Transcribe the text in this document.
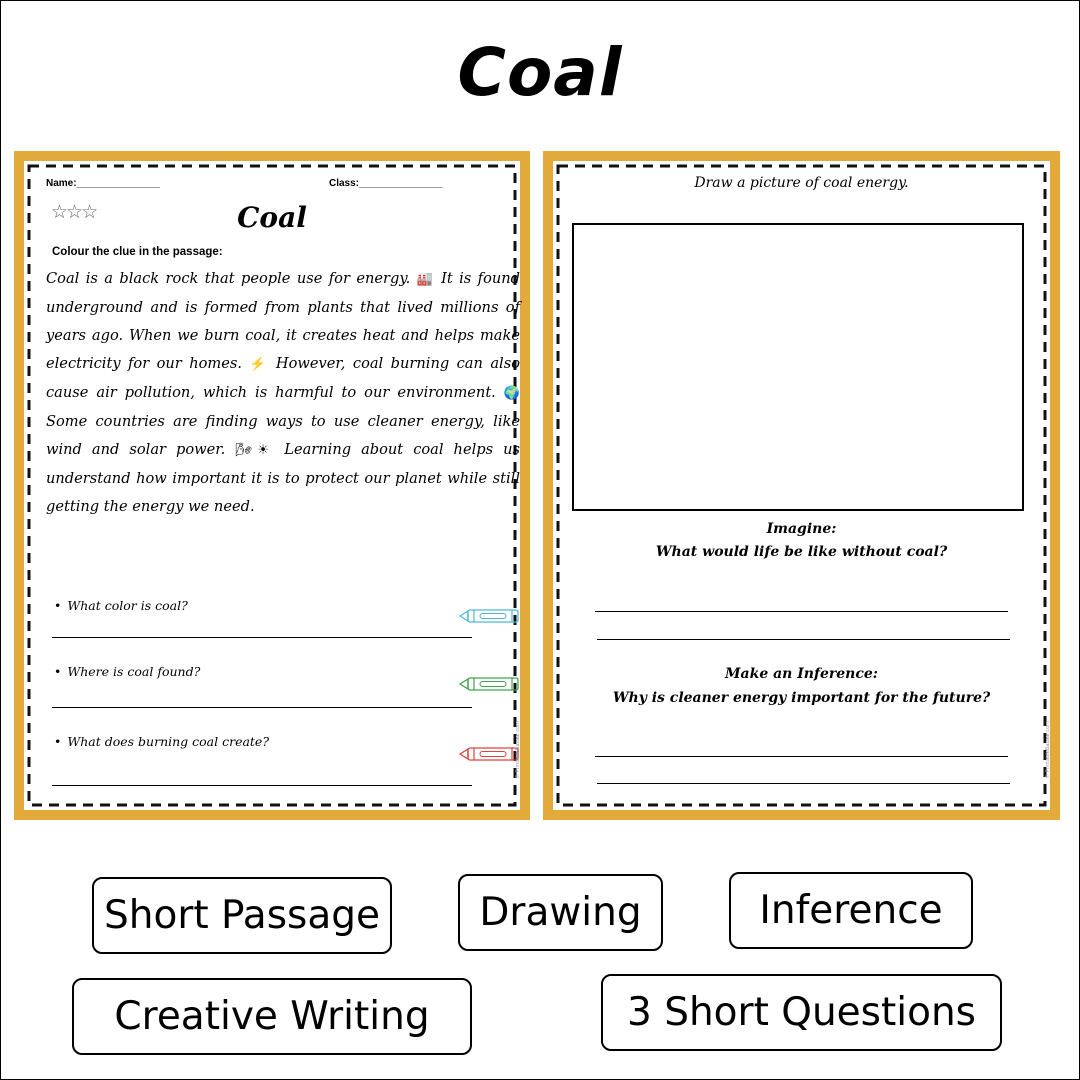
Coal
Name:_______________	Class:_______________
☆☆☆	Coal
Colour the clue in the passage:
Coal is a black rock that people use for energy. 🏭 It is found underground and is formed from plants that lived millions of years ago. When we burn coal, it creates heat and helps make electricity for our homes. ⚡ However, coal burning can also cause air pollution, which is harmful to our environment. 🌍 Some countries are finding ways to use cleaner energy, like wind and solar power. 🌬☀ Learning about coal helps us understand how important it is to protect our planet while still getting the energy we need.
• What color is coal?
• Where is coal found?
• What does burning coal create?	© PrintableBazaar.com
Draw a picture of coal energy.
Imagine:
What would life be like without coal?
Make an Inference:
Why is cleaner energy important for the future?
© PrintableBazaar.com
Short Passage	Drawing	Inference
Creative Writing	3 Short Questions
